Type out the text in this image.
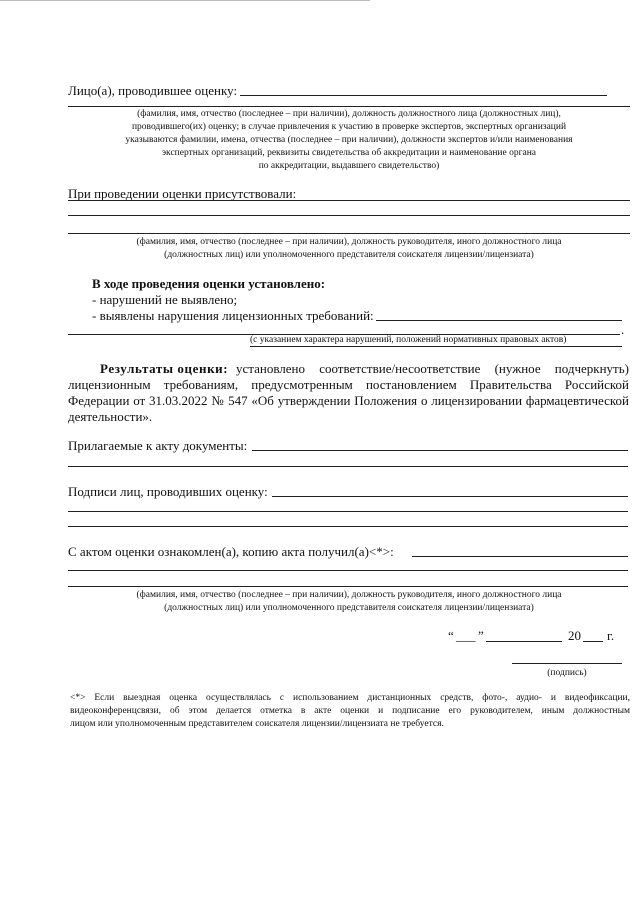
Лицо(а), проводившее оценку:
(фамилия, имя, отчество (последнее – при наличии), должность должностного лица (должностных лиц),
проводившего(их) оценку; в случае привлечения к участию в проверке экспертов, экспертных организаций
указываются фамилии, имена, отчества (последнее – при наличии), должности экспертов и/или наименования
экспертных организаций, реквизиты свидетельства об аккредитации и наименование органа
по аккредитации, выдавшего свидетельство)
При проведении оценки присутствовали:
(фамилия, имя, отчество (последнее – при наличии), должность руководителя, иного должностного лица
(должностных лиц) или уполномоченного представителя соискателя лицензии/лицензиата)
В ходе проведения оценки установлено:
- нарушений не выявлено;
- выявлены нарушения лицензионных требований:
.
(с указанием характера нарушений, положений нормативных правовых актов)
Результаты оценки: установлено соответствие/несоответствие (нужное подчеркнуть)
лицензионным требованиям, предусмотренным постановлением Правительства Российской
Федерации от 31.03.2022 № 547 «Об утверждении Положения о лицензировании фармацевтической
деятельности».
Прилагаемые к акту документы:
Подписи лиц, проводивших оценку:
С актом оценки ознакомлен(а), копию акта получил(а)<*>:
(фамилия, имя, отчество (последнее – при наличии), должность руководителя, иного должностного лица
(должностных лиц) или уполномоченного представителя соискателя лицензии/лицензиата)
“ ___ ”	20 г.
(подпись)
<*> Если выездная оценка осуществлялась с использованием дистанционных средств, фото-, аудио- и видеофиксации,
видеоконференцсвязи, об этом делается отметка в акте оценки и подписание его руководителем, иным должностным
лицом или уполномоченным представителем соискателя лицензии/лицензиата не требуется.
